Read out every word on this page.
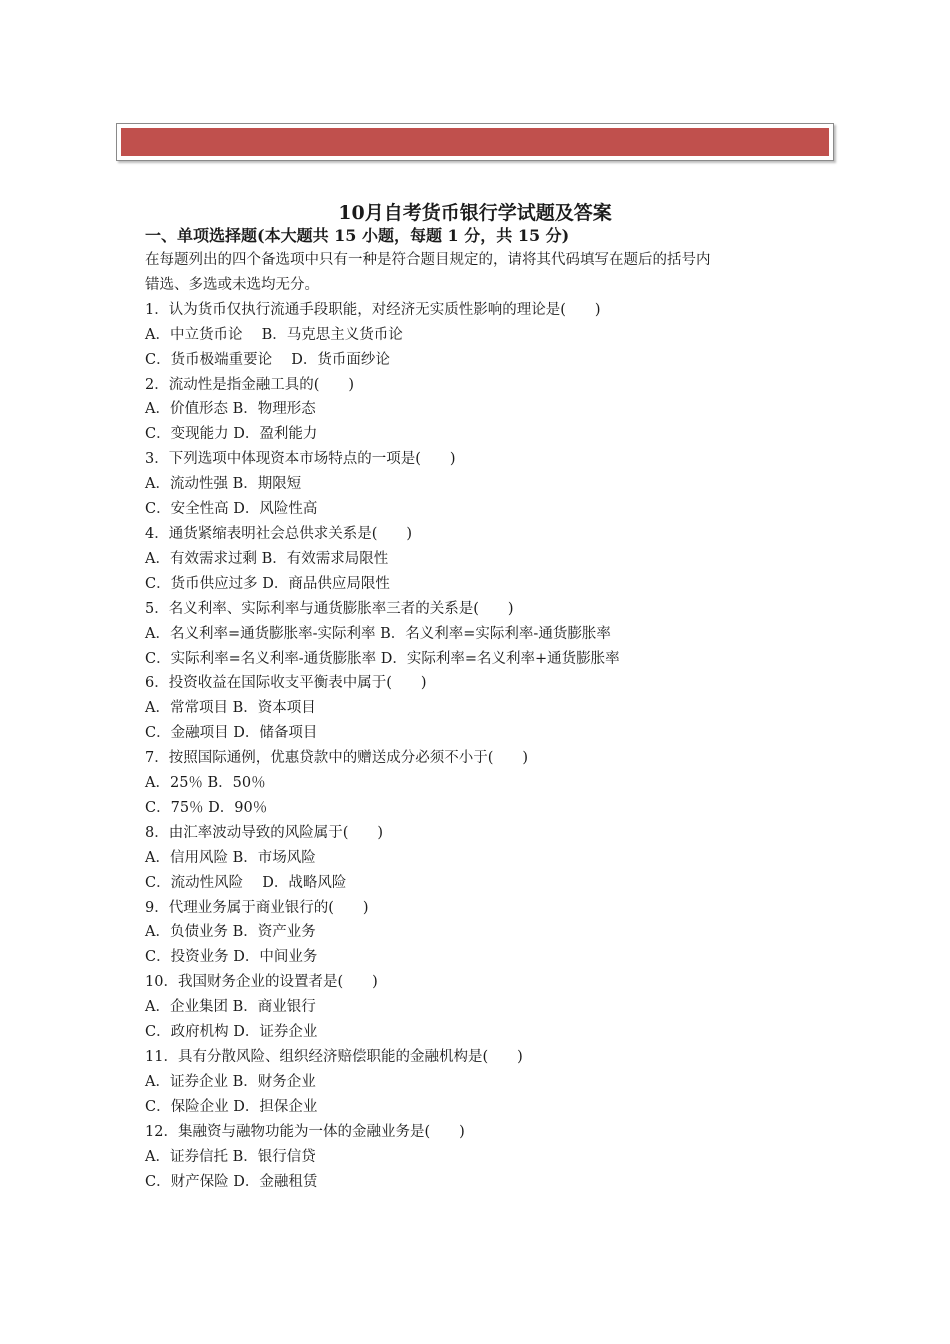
10月自考货币银行学试题及答案

一、单项选择题(本大题共 15 小题，每题 1 分，共 15 分)

在每题列出的四个备选项中只有一种是符合题目规定的，请将其代码填写在题后的括号内

错选、多选或未选均无分。

1．认为货币仅执行流通手段职能，对经济无实质性影响的理论是(　　)

A．中立货币论　 B．马克思主义货币论

C．货币极端重要论　 D．货币面纱论

2．流动性是指金融工具的(　　)

A．价值形态 B．物理形态

C．变现能力 D．盈利能力

3．下列选项中体现资本市场特点的一项是(　　)

A．流动性强 B．期限短

C．安全性高 D．风险性高

4．通货紧缩表明社会总供求关系是(　　)

A．有效需求过剩 B．有效需求局限性

C．货币供应过多 D．商品供应局限性

5．名义利率、实际利率与通货膨胀率三者的关系是(　　)

A．名义利率=通货膨胀率-实际利率 B．名义利率=实际利率-通货膨胀率

C．实际利率=名义利率-通货膨胀率 D．实际利率=名义利率+通货膨胀率

6．投资收益在国际收支平衡表中属于(　　)

A．常常项目 B．资本项目

C．金融项目 D．储备项目

7．按照国际通例，优惠贷款中的赠送成分必须不小于(　　)

A．25％ B．50％

C．75％ D．90％

8．由汇率波动导致的风险属于(　　)

A．信用风险 B．市场风险

C．流动性风险　 D．战略风险

9．代理业务属于商业银行的(　　)

A．负债业务 B．资产业务

C．投资业务 D．中间业务

10．我国财务企业的设置者是(　　)

A．企业集团 B．商业银行

C．政府机构 D．证券企业

11．具有分散风险、组织经济赔偿职能的金融机构是(　　)

A．证券企业 B．财务企业

C．保险企业 D．担保企业

12．集融资与融物功能为一体的金融业务是(　　)

A．证券信托 B．银行信贷

C．财产保险 D．金融租赁
